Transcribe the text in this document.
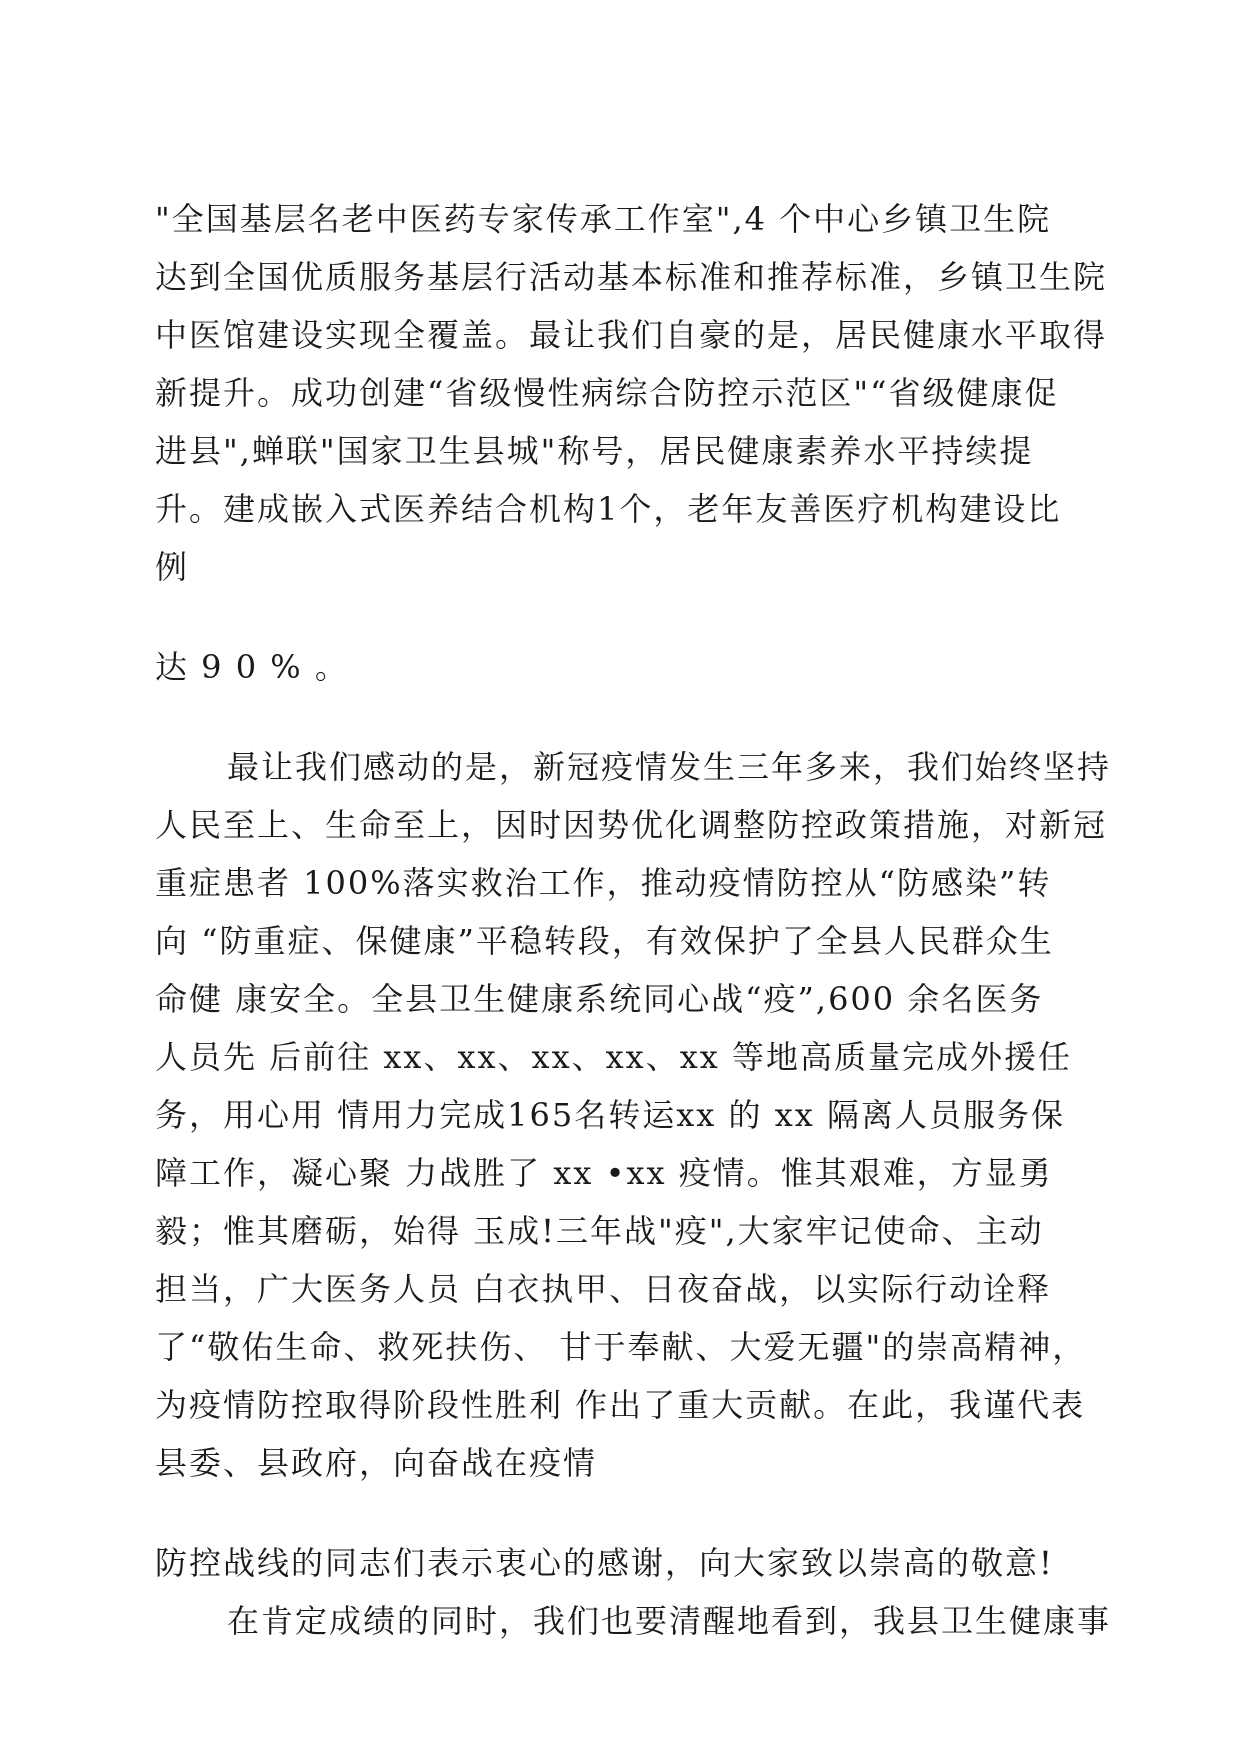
"全国基层名老中医药专家传承工作室",4 个中心乡镇卫生院
达到全国优质服务基层行活动基本标准和推荐标准，乡镇卫生院
中医馆建设实现全覆盖。最让我们自豪的是，居民健康水平取得
新提升。成功创建“省级慢性病综合防控示范区"“省级健康促
进县",蝉联"国家卫生县城"称号，居民健康素养水平持续提
升。建成嵌入式医养结合机构1个，老年友善医疗机构建设比
例
达 9 0 % 。
最让我们感动的是，新冠疫情发生三年多来，我们始终坚持
人民至上、生命至上，因时因势优化调整防控政策措施，对新冠
重症患者 100%落实救治工作，推动疫情防控从“防感染”转
向 “防重症、保健康”平稳转段，有效保护了全县人民群众生
命健 康安全。全县卫生健康系统同心战“疫”,600 余名医务
人员先 后前往 xx、xx、xx、xx、xx 等地高质量完成外援任
务，用心用 情用力完成165名转运xx 的 xx 隔离人员服务保
障工作，凝心聚 力战胜了 xx •xx 疫情。惟其艰难，方显勇
毅；惟其磨砺，始得 玉成!三年战"疫",大家牢记使命、主动
担当，广大医务人员 白衣执甲、日夜奋战，以实际行动诠释
了“敬佑生命、救死扶伤、 甘于奉献、大爱无疆"的崇高精神，
为疫情防控取得阶段性胜利 作出了重大贡献。在此，我谨代表
县委、县政府，向奋战在疫情
防控战线的同志们表示衷心的感谢，向大家致以崇高的敬意!
在肯定成绩的同时，我们也要清醒地看到，我县卫生健康事
